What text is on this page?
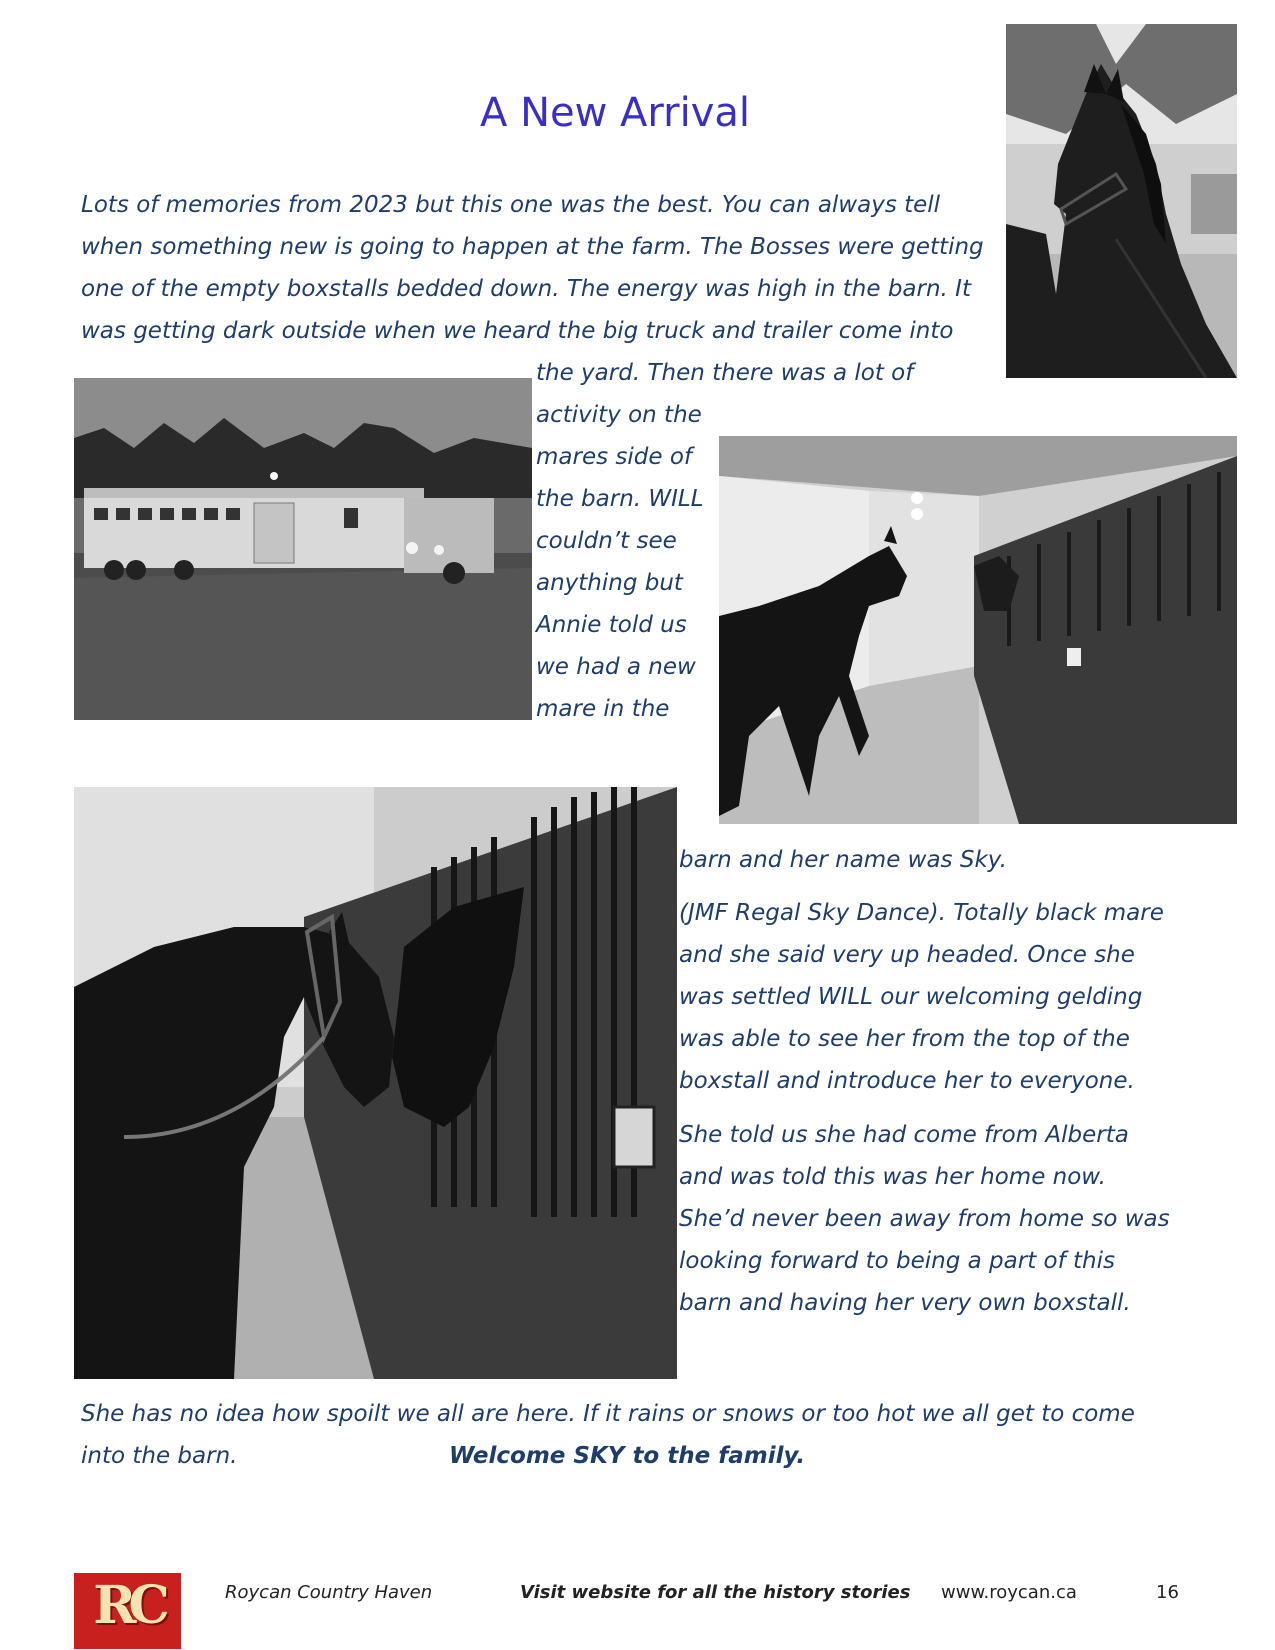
A New Arrival
Lots of memories from 2023 but this one was the best. You can always tell
when something new is going to happen at the farm. The Bosses were getting
one of the empty boxstalls bedded down. The energy was high in the barn. It
was getting dark outside when we heard the big truck and trailer come into
the yard. Then there was a lot of
activity on the
mares side of
the barn. WILL
couldn’t see
anything but
Annie told us
we had a new
mare in the
barn and her name was Sky.
(JMF Regal Sky Dance). Totally black mare
and she said very up headed. Once she
was settled WILL our welcoming gelding
was able to see her from the top of the
boxstall and introduce her to everyone.
She told us she had come from Alberta
and was told this was her home now.
She’d never been away from home so was
looking forward to being a part of this
barn and having her very own boxstall.
She has no idea how spoilt we all are here. If it rains or snows or too hot we all get to come
into the barn.	Welcome SKY to the family.
RC	Roycan Country Haven	Visit website for all the history stories www.roycan.ca	16
